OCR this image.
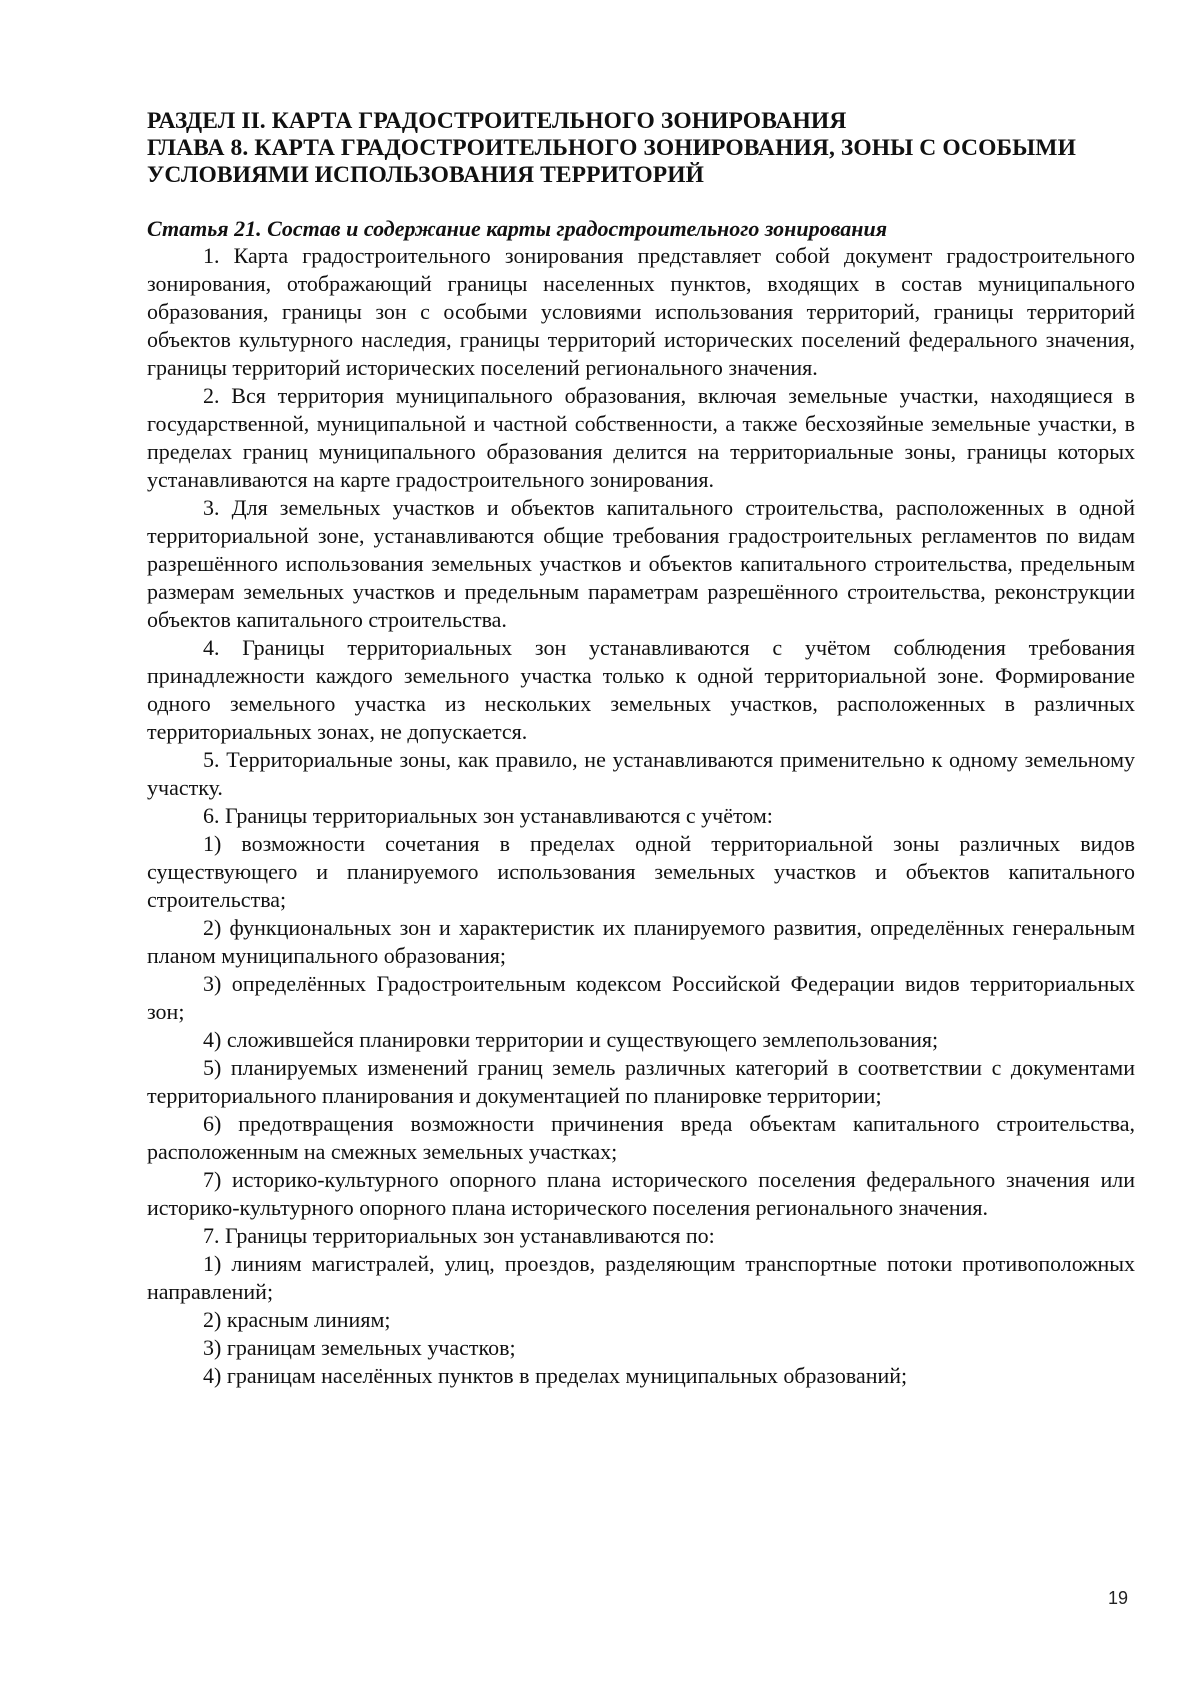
РАЗДЕЛ II. КАРТА ГРАДОСТРОИТЕЛЬНОГО ЗОНИРОВАНИЯ

ГЛАВА 8. КАРТА ГРАДОСТРОИТЕЛЬНОГО ЗОНИРОВАНИЯ, ЗОНЫ С ОСОБЫМИ

УСЛОВИЯМИ ИСПОЛЬЗОВАНИЯ ТЕРРИТОРИЙ

Статья 21. Состав и содержание карты градостроительного зонирования

1. Карта градостроительного зонирования представляет собой документ градостроительного зонирования, отображающий границы населенных пунктов, входящих в состав муниципального образования, границы зон с особыми условиями использования территорий, границы территорий объектов культурного наследия, границы территорий исторических поселений федерального значения, границы территорий исторических поселений регионального значения.

2. Вся территория муниципального образования, включая земельные участки, находящиеся в государственной, муниципальной и частной собственности, а также бесхозяйные земельные участки, в пределах границ муниципального образования делится на территориальные зоны, границы которых устанавливаются на карте градостроительного зонирования.

3. Для земельных участков и объектов капитального строительства, расположенных в одной территориальной зоне, устанавливаются общие требования градостроительных регламентов по видам разрешённого использования земельных участков и объектов капитального строительства, предельным размерам земельных участков и предельным параметрам разрешённого строительства, реконструкции объектов капитального строительства.

4. Границы территориальных зон устанавливаются с учётом соблюдения требования принадлежности каждого земельного участка только к одной территориальной зоне. Формирование одного земельного участка из нескольких земельных участков, расположенных в различных территориальных зонах, не допускается.

5. Территориальные зоны, как правило, не устанавливаются применительно к одному земельному участку.

6. Границы территориальных зон устанавливаются с учётом:

1) возможности сочетания в пределах одной территориальной зоны различных видов существующего и планируемого использования земельных участков и объектов капитального строительства;

2) функциональных зон и характеристик их планируемого развития, определённых генеральным планом муниципального образования;

3) определённых Градостроительным кодексом Российской Федерации видов территориальных зон;

4) сложившейся планировки территории и существующего землепользования;

5) планируемых изменений границ земель различных категорий в соответствии с документами территориального планирования и документацией по планировке территории;

6) предотвращения возможности причинения вреда объектам капитального строительства, расположенным на смежных земельных участках;

7) историко-культурного опорного плана исторического поселения федерального значения или историко-культурного опорного плана исторического поселения регионального значения.

7. Границы территориальных зон устанавливаются по:

1) линиям магистралей, улиц, проездов, разделяющим транспортные потоки противоположных направлений;

2) красным линиям;

3) границам земельных участков;

4) границам населённых пунктов в пределах муниципальных образований;

19
